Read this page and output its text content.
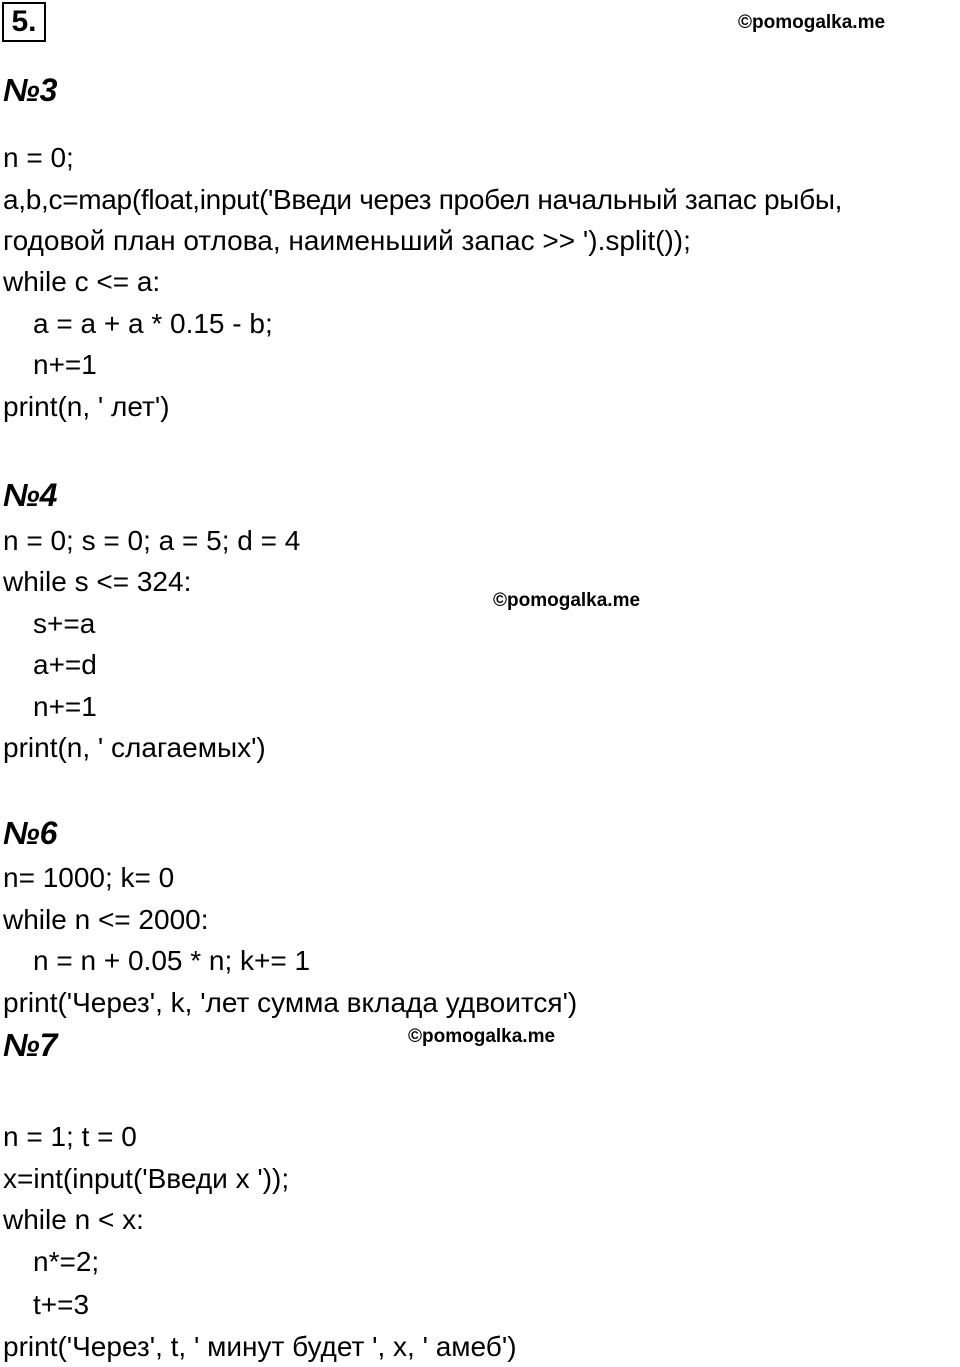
5.	©pomogalka.me
©pomogalka.me
©pomogalka.me
№3
n = 0;
a,b,c=map(float,input('Введи через пробел начальный запас рыбы,
годовой план отлова, наименьший запас >> ').split());
while c <= a:
a = a + a * 0.15 - b;
n+=1
print(n, ' лет')
№4
n = 0; s = 0; a = 5; d = 4
while s <= 324:
s+=a
a+=d
n+=1
print(n, ' слагаемых')
№6
n= 1000; k= 0
while n <= 2000:
n = n + 0.05 * n; k+= 1
print('Через', k, 'лет сумма вклада удвоится')
№7
n = 1; t = 0
x=int(input('Введи x '));
while n < x:
n*=2;
t+=3
print('Через', t, ' минут будет ', x, ' амеб')
